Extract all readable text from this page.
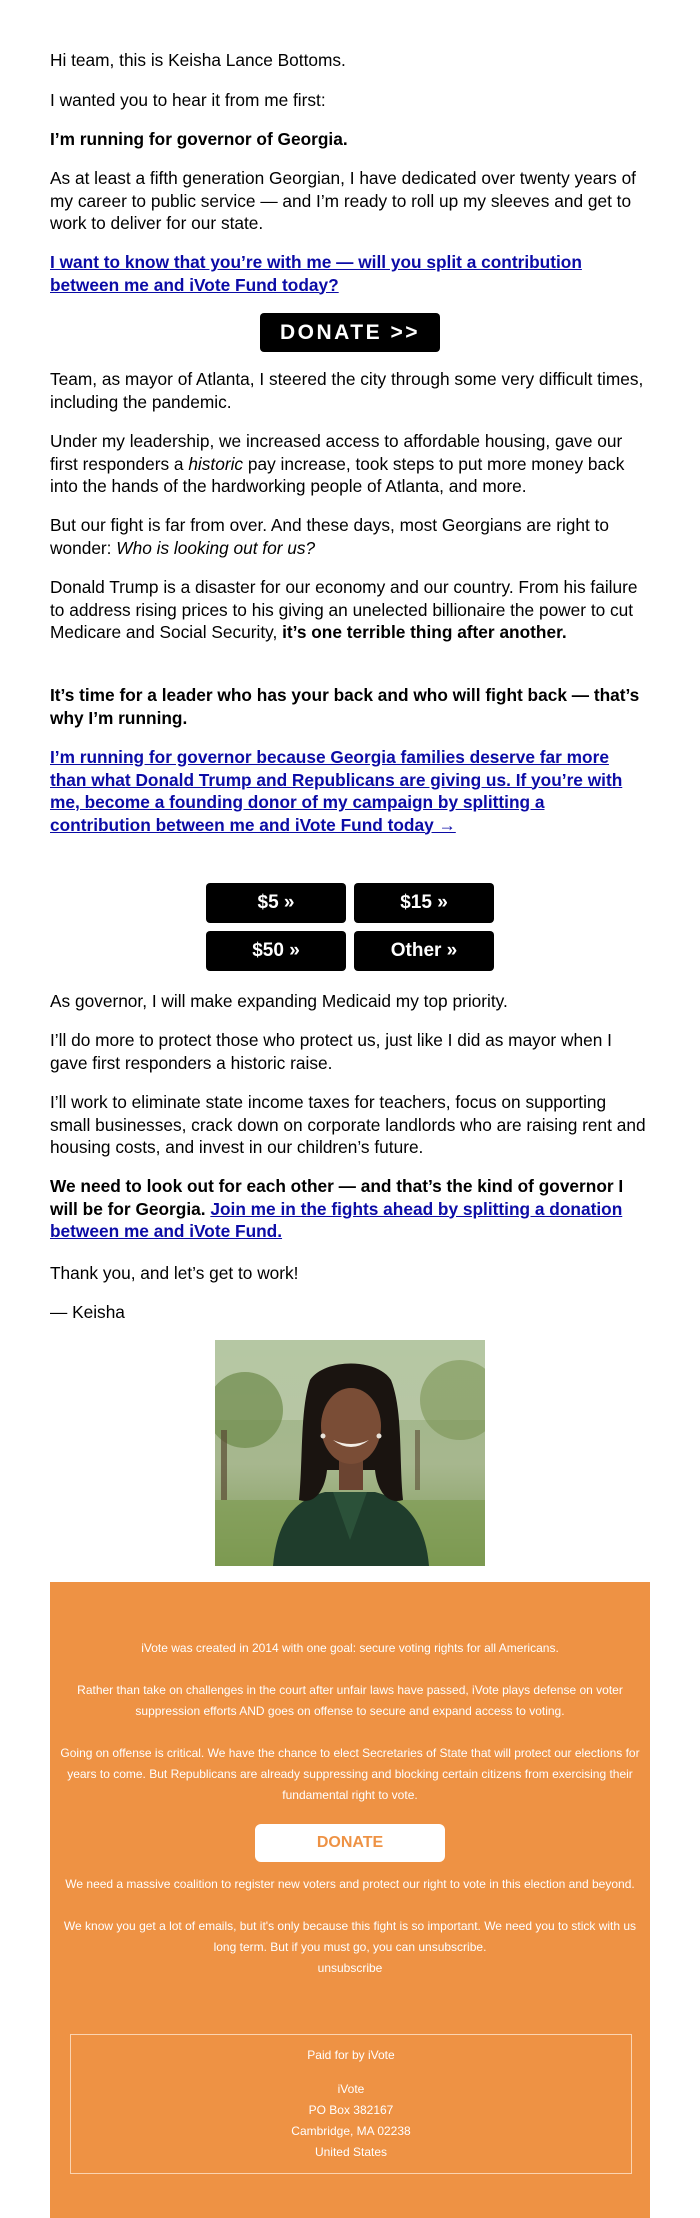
Hi team, this is Keisha Lance Bottoms.

I wanted you to hear it from me first:

I’m running for governor of Georgia.

As at least a fifth generation Georgian, I have dedicated over twenty years of my career to public service — and I’m ready to roll up my sleeves and get to work to deliver for our state.

I want to know that you’re with me — will you split a contribution between me and iVote Fund today?

DONATE >>

Team, as mayor of Atlanta, I steered the city through some very difficult times, including the pandemic.

Under my leadership, we increased access to affordable housing, gave our first responders a historic pay increase, took steps to put more money back into the hands of the hardworking people of Atlanta, and more.

But our fight is far from over. And these days, most Georgians are right to wonder: Who is looking out for us?

Donald Trump is a disaster for our economy and our country. From his failure to address rising prices to his giving an unelected billionaire the power to cut Medicare and Social Security, it’s one terrible thing after another.

It’s time for a leader who has your back and who will fight back — that’s why I’m running.

I’m running for governor because Georgia families deserve far more than what Donald Trump and Republicans are giving us. If you’re with me, become a founding donor of my campaign by splitting a contribution between me and iVote Fund today →

$5 »	$15 »
$50 »	Other »

As governor, I will make expanding Medicaid my top priority.

I’ll do more to protect those who protect us, just like I did as mayor when I gave first responders a historic raise.

I’ll work to eliminate state income taxes for teachers, focus on supporting small businesses, crack down on corporate landlords who are raising rent and housing costs, and invest in our children’s future.

We need to look out for each other — and that’s the kind of governor I will be for Georgia. Join me in the fights ahead by splitting a donation between me and iVote Fund.

Thank you, and let’s get to work!

— Keisha

iVote was created in 2014 with one goal: secure voting rights for all Americans.
Rather than take on challenges in the court after unfair laws have passed, iVote plays defense on voter suppression efforts AND goes on offense to secure and expand access to voting.
Going on offense is critical. We have the chance to elect Secretaries of State that will protect our elections for years to come. But Republicans are already suppressing and blocking certain citizens from exercising their fundamental right to vote.
DONATE
We need a massive coalition to register new voters and protect our right to vote in this election and beyond.
We know you get a lot of emails, but it's only because this fight is so important. We need you to stick with us long term. But if you must go, you can unsubscribe.
unsubscribe
Paid for by iVote
iVote
PO Box 382167
Cambridge, MA 02238
United States
